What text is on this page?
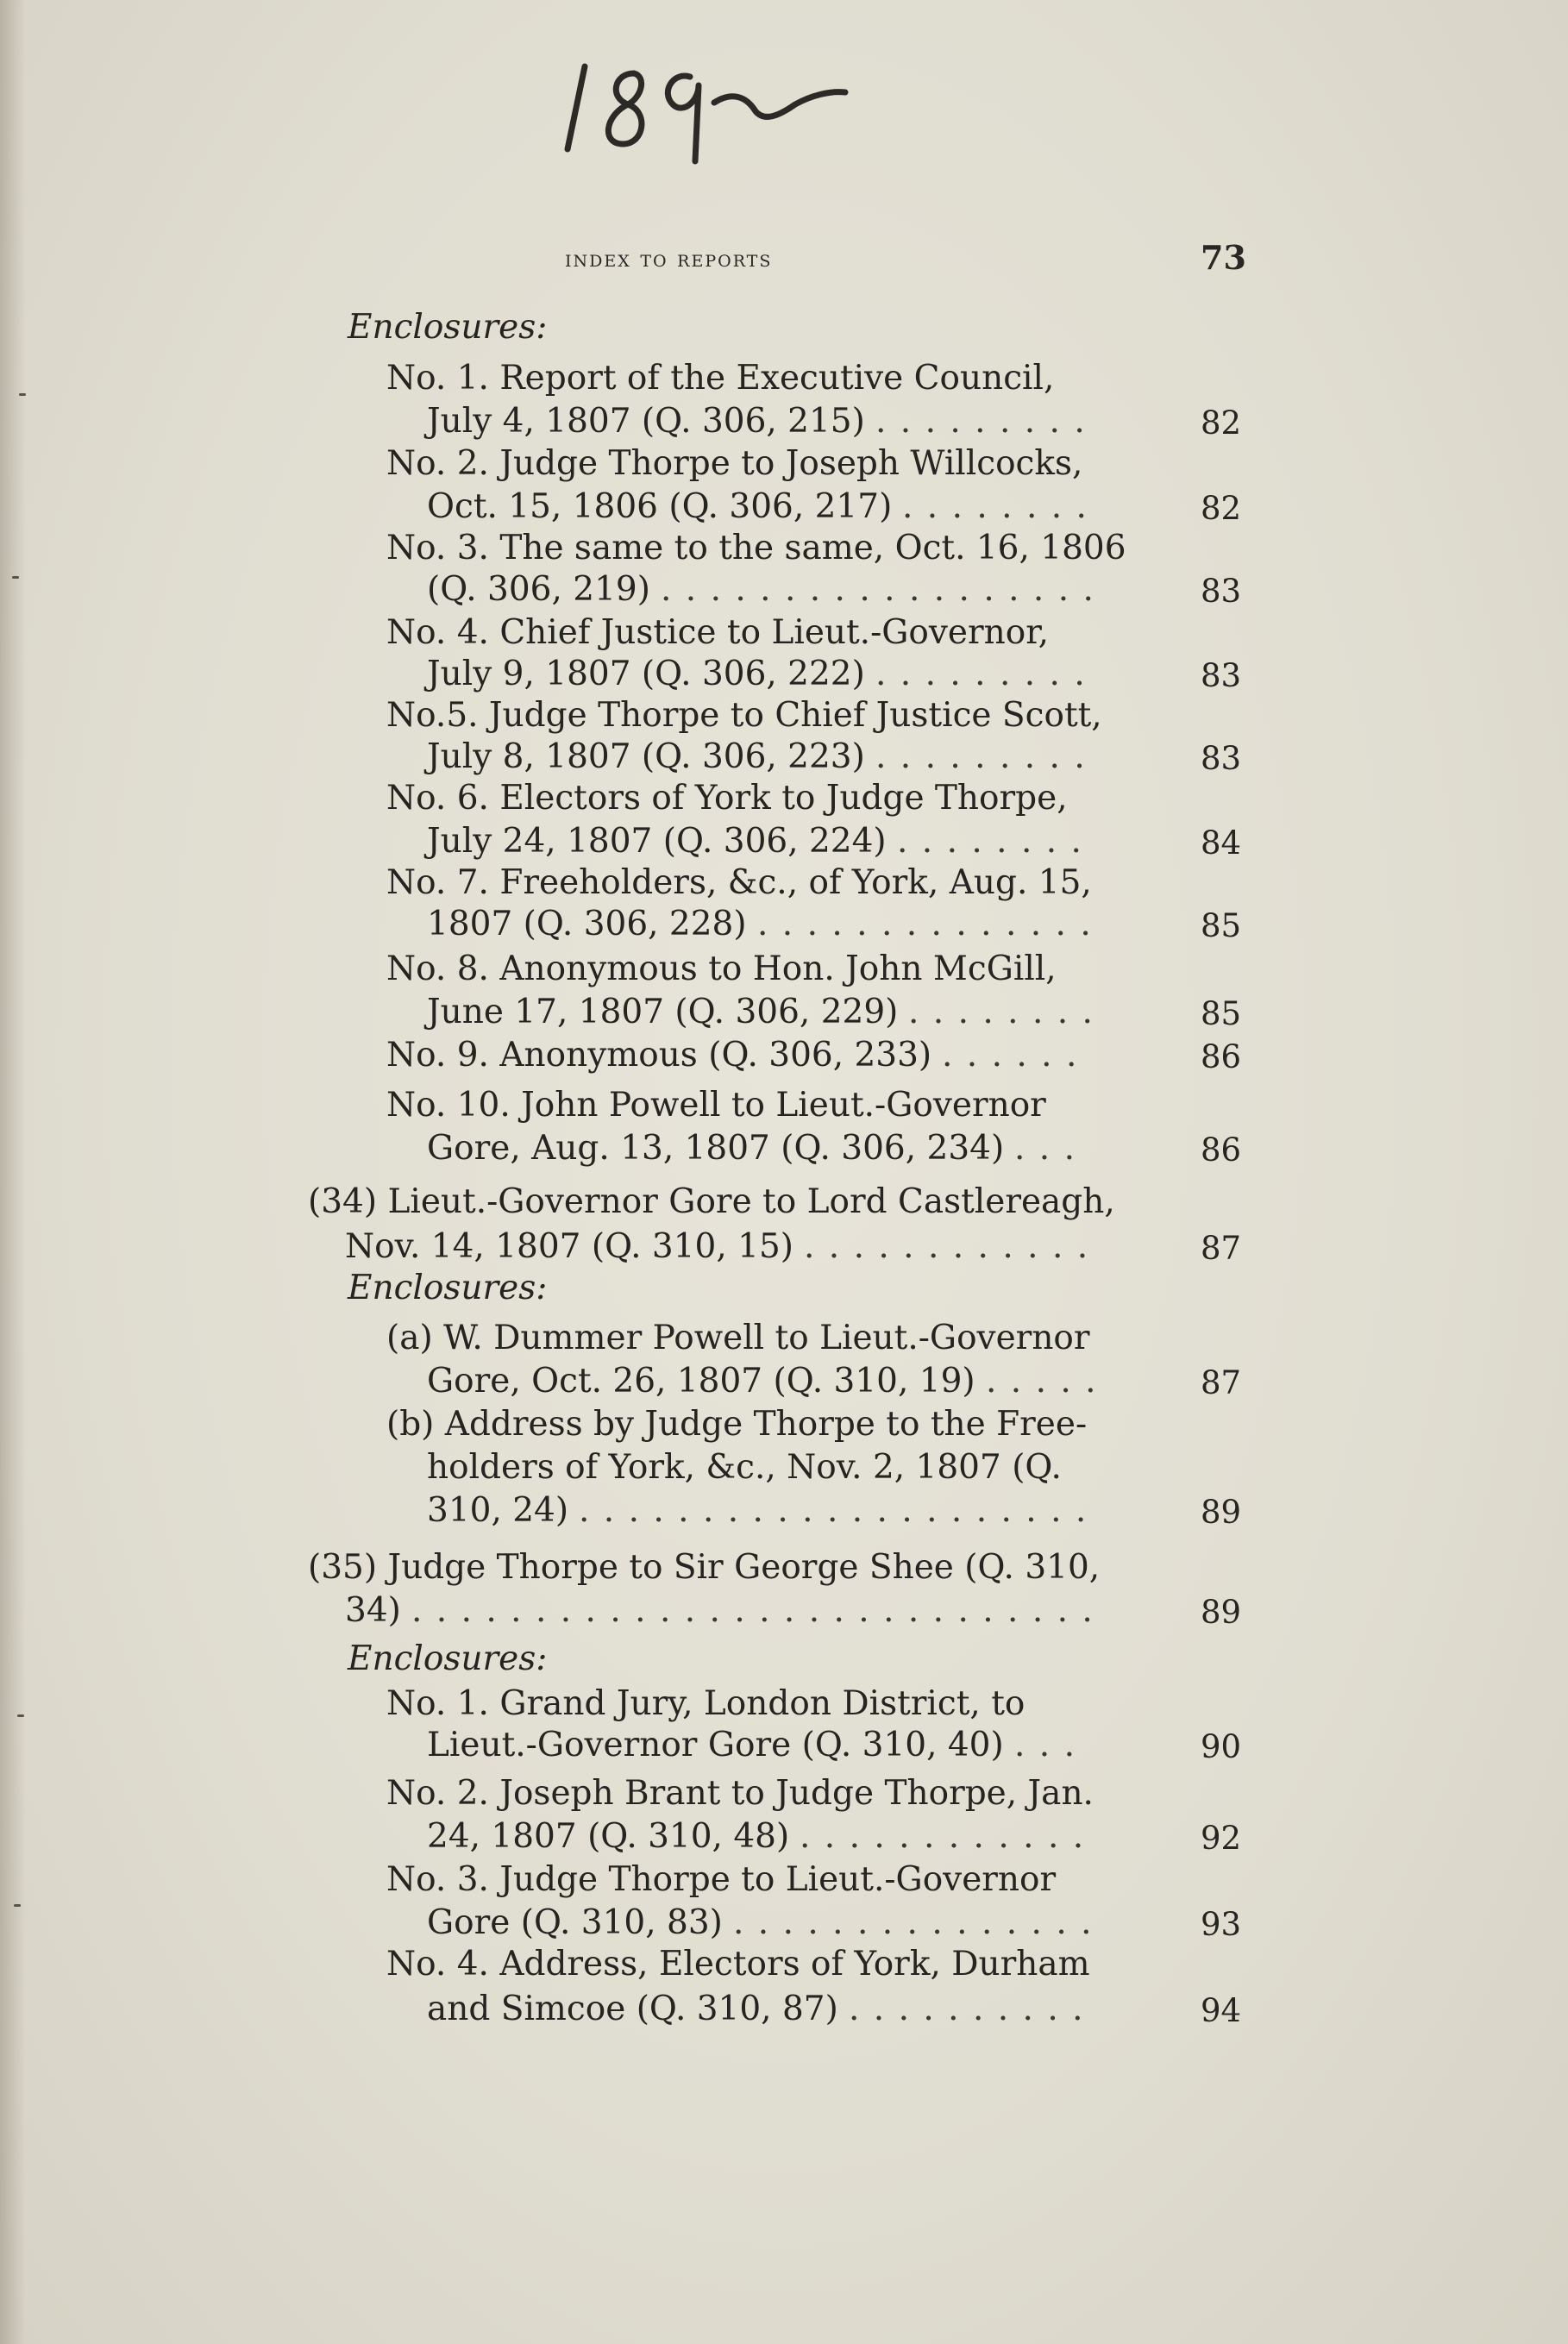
index to reports	73
Enclosures:
No. 1. Report of the Executive Council,
July 4, 1807 (Q. 306, 215) . . . . . . . . .	82
No. 2. Judge Thorpe to Joseph Willcocks,
Oct. 15, 1806 (Q. 306, 217) . . . . . . . .	82
No. 3. The same to the same, Oct. 16, 1806
(Q. 306, 219) . . . . . . . . . . . . . . . . . .	83
No. 4. Chief Justice to Lieut.-Governor,
July 9, 1807 (Q. 306, 222) . . . . . . . . .	83
No.5. Judge Thorpe to Chief Justice Scott,
July 8, 1807 (Q. 306, 223) . . . . . . . . .	83
No. 6. Electors of York to Judge Thorpe,
July 24, 1807 (Q. 306, 224) . . . . . . . .	84
No. 7. Freeholders, &c., of York, Aug. 15,
1807 (Q. 306, 228) . . . . . . . . . . . . . .	85
No. 8. Anonymous to Hon. John McGill,
June 17, 1807 (Q. 306, 229) . . . . . . . .	85
No. 9. Anonymous (Q. 306, 233) . . . . . .	86
No. 10. John Powell to Lieut.-Governor
Gore, Aug. 13, 1807 (Q. 306, 234) . . .	86
(34) Lieut.-Governor Gore to Lord Castlereagh,
Nov. 14, 1807 (Q. 310, 15) . . . . . . . . . . . .	87
Enclosures:
(a) W. Dummer Powell to Lieut.-Governor
Gore, Oct. 26, 1807 (Q. 310, 19) . . . . .	87
(b) Address by Judge Thorpe to the Free-
holders of York, &c., Nov. 2, 1807 (Q.
310, 24) . . . . . . . . . . . . . . . . . . . . .	89
(35) Judge Thorpe to Sir George Shee (Q. 310,
34) . . . . . . . . . . . . . . . . . . . . . . . . . . . .	89
Enclosures:
No. 1. Grand Jury, London District, to
Lieut.-Governor Gore (Q. 310, 40) . . .	90
No. 2. Joseph Brant to Judge Thorpe, Jan.
24, 1807 (Q. 310, 48) . . . . . . . . . . . .	92
No. 3. Judge Thorpe to Lieut.-Governor
Gore (Q. 310, 83) . . . . . . . . . . . . . . .	93
No. 4. Address, Electors of York, Durham
and Simcoe (Q. 310, 87) . . . . . . . . . .	94
